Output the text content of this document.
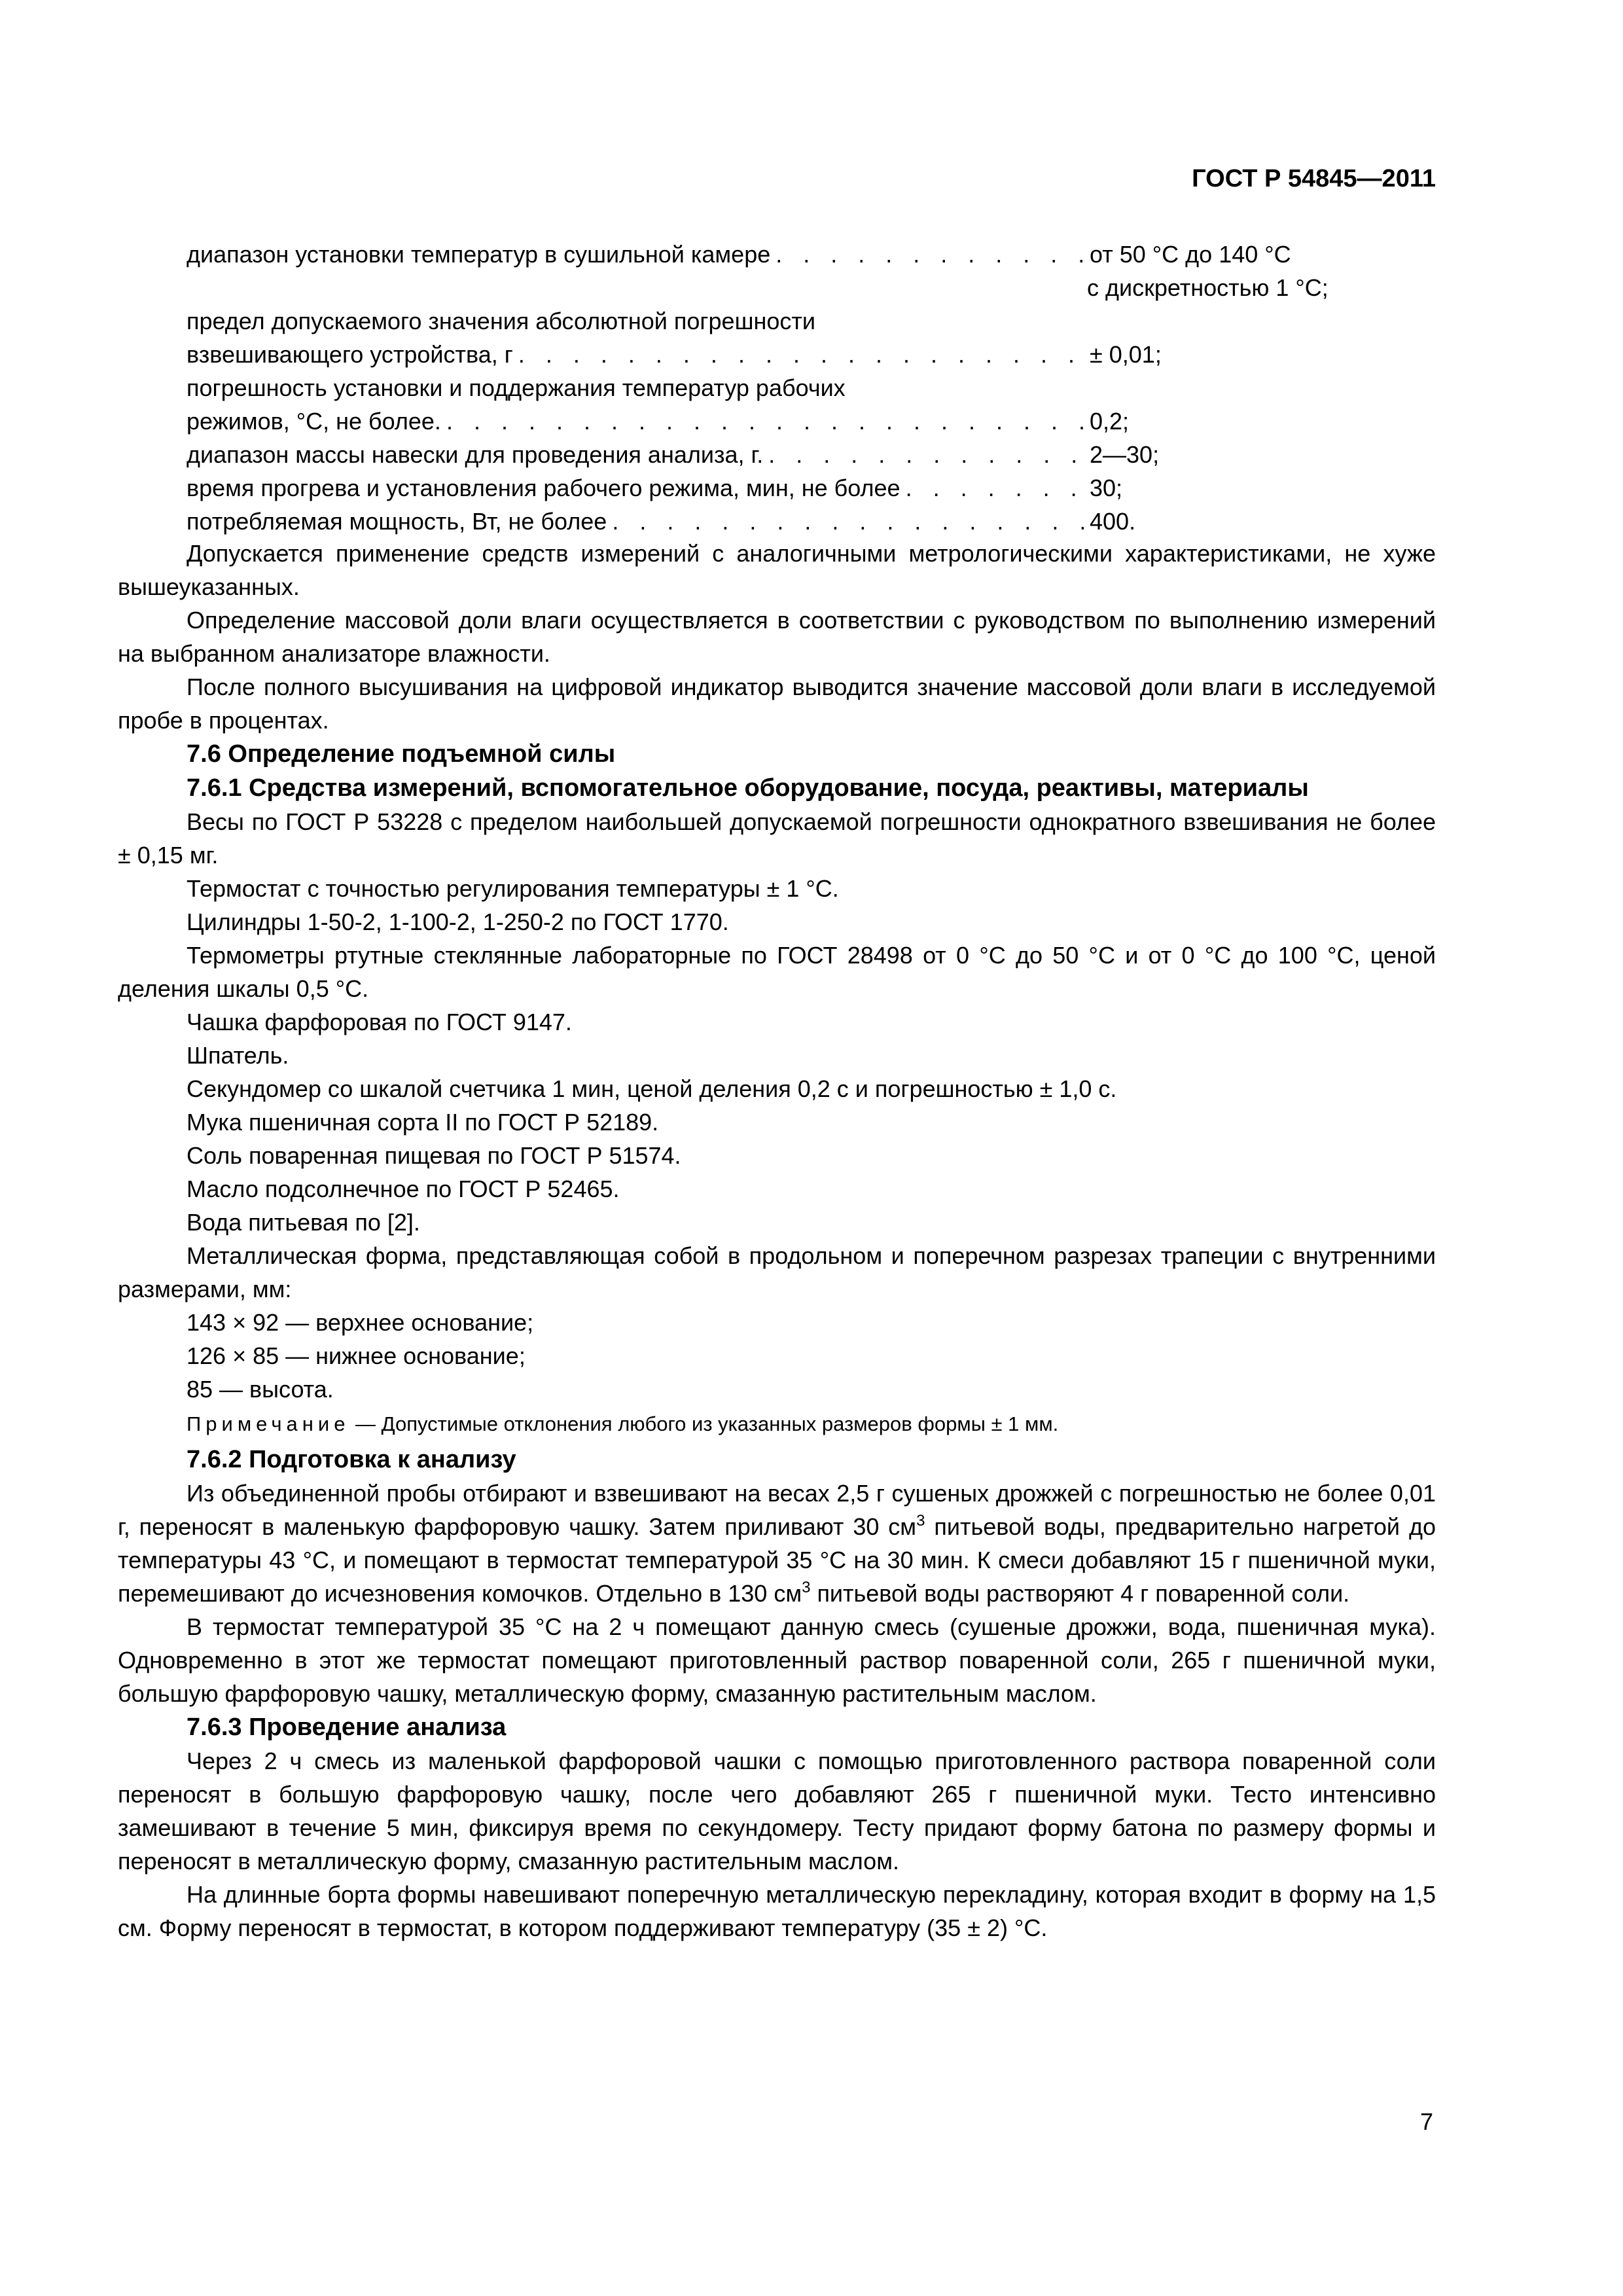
ГОСТ Р 54845—2011
диапазон установки температур в сушильной камере . . .	от 50 °С до 140 °С
с дискретностью 1 °С;
предел допускаемого значения абсолютной погрешности
взвешивающего устройства, г . . .	± 0,01;
погрешность установки и поддержания температур рабочих
режимов, °С, не более. . . .	0,2;
диапазон массы навески для проведения анализа, г. . . .	2—30;
время прогрева и установления рабочего режима, мин, не более . . .	30;
потребляемая мощность, Вт, не более . . .	400.

Допускается применение средств измерений с аналогичными метрологическими характеристиками, не хуже вышеуказанных.

Определение массовой доли влаги осуществляется в соответствии с руководством по выполнению измерений на выбранном анализаторе влажности.

После полного высушивания на цифровой индикатор выводится значение массовой доли влаги в исследуемой пробе в процентах.

7.6 Определение подъемной силы
7.6.1 Средства измерений, вспомогательное оборудование, посуда, реактивы, материалы

Весы по ГОСТ Р 53228 с пределом наибольшей допускаемой погрешности однократного взвешивания не более ± 0,15 мг.

Термостат с точностью регулирования температуры ± 1 °С.

Цилиндры 1-50-2, 1-100-2, 1-250-2 по ГОСТ 1770.

Термометры ртутные стеклянные лабораторные по ГОСТ 28498 от 0 °С до 50 °С и от 0 °С до 100 °С, ценой деления шкалы 0,5 °С.

Чашка фарфоровая по ГОСТ 9147.

Шпатель.

Секундомер со шкалой счетчика 1 мин, ценой деления 0,2 с и погрешностью ± 1,0 с.

Мука пшеничная сорта II по ГОСТ Р 52189.

Соль поваренная пищевая по ГОСТ Р 51574.

Масло подсолнечное по ГОСТ Р 52465.

Вода питьевая по [2].

Металлическая форма, представляющая собой в продольном и поперечном разрезах трапеции с внутренними размерами, мм:

143 × 92 — верхнее основание;

126 × 85 — нижнее основание;

85 — высота.

Примечание — Допустимые отклонения любого из указанных размеров формы ± 1 мм.

7.6.2 Подготовка к анализу

Из объединенной пробы отбирают и взвешивают на весах 2,5 г сушеных дрожжей с погрешностью не более 0,01 г, переносят в маленькую фарфоровую чашку. Затем приливают 30 $см^3$ питьевой воды, предварительно нагретой до температуры 43 °С, и помещают в термостат температурой 35 °С на 30 мин. К смеси добавляют 15 г пшеничной муки, перемешивают до исчезновения комочков. Отдельно в 130 $см^3$ питьевой воды растворяют 4 г поваренной соли.

В термостат температурой 35 °С на 2 ч помещают данную смесь (сушеные дрожжи, вода, пшеничная мука). Одновременно в этот же термостат помещают приготовленный раствор поваренной соли, 265 г пшеничной муки, большую фарфоровую чашку, металлическую форму, смазанную растительным маслом.

7.6.3 Проведение анализа

Через 2 ч смесь из маленькой фарфоровой чашки с помощью приготовленного раствора поваренной соли переносят в большую фарфоровую чашку, после чего добавляют 265 г пшеничной муки. Тесто интенсивно замешивают в течение 5 мин, фиксируя время по секундомеру. Тесту придают форму батона по размеру формы и переносят в металлическую форму, смазанную растительным маслом.

На длинные борта формы навешивают поперечную металлическую перекладину, которая входит в форму на 1,5 см. Форму переносят в термостат, в котором поддерживают температуру (35 ± 2) °С.

7
